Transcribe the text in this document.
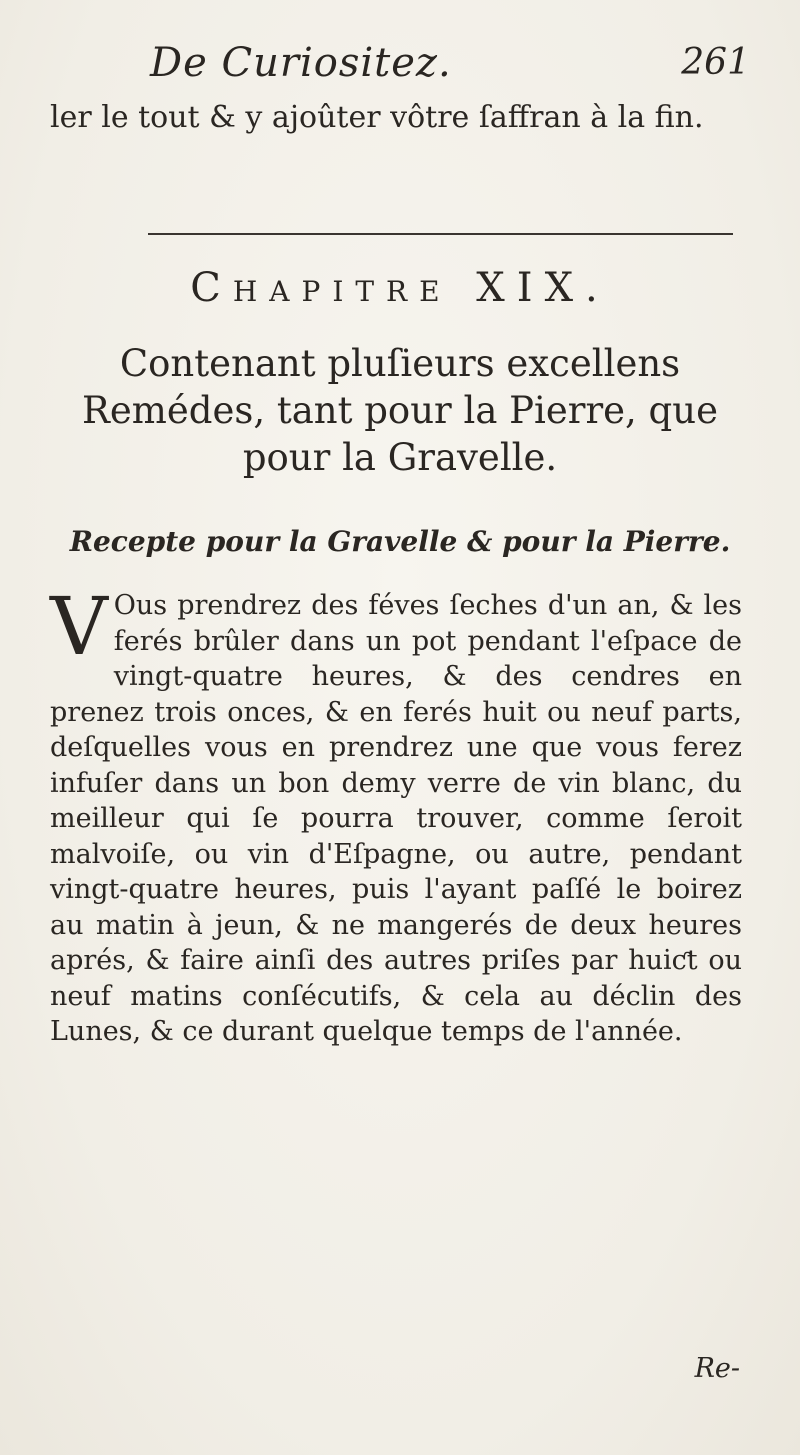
De Curiositez.	261
ler le tout & y ajoûter vôtre ſaffran à la fin.
Chapitre XIX.
Contenant pluſieurs excellens Remédes, tant pour la Pierre, que pour la Gravelle.
Recepte pour la Gravelle & pour la Pierre.
V Ous prendrez des féves ſeches d'un an, & les ferés brûler dans un pot pendant l'eſpace de vingt-quatre heures, & des cendres en prenez trois onces, & en ferés huit ou neuf parts, deſquelles vous en prendrez une que vous ferez infuſer dans un bon demy verre de vin blanc, du meilleur qui ſe pourra trouver, comme ſeroit malvoiſe, ou vin d'Eſpagne, ou autre, pendant vingt-quatre heures, puis l'ayant paſſé le boirez au matin à jeun, & ne mangerés de deux heures aprés, & faire ainſi des autres priſes par huiƈt ou neuf matins conſécutifs, & cela au déclin des Lunes, & ce durant quelque temps de l'année.
Re-
